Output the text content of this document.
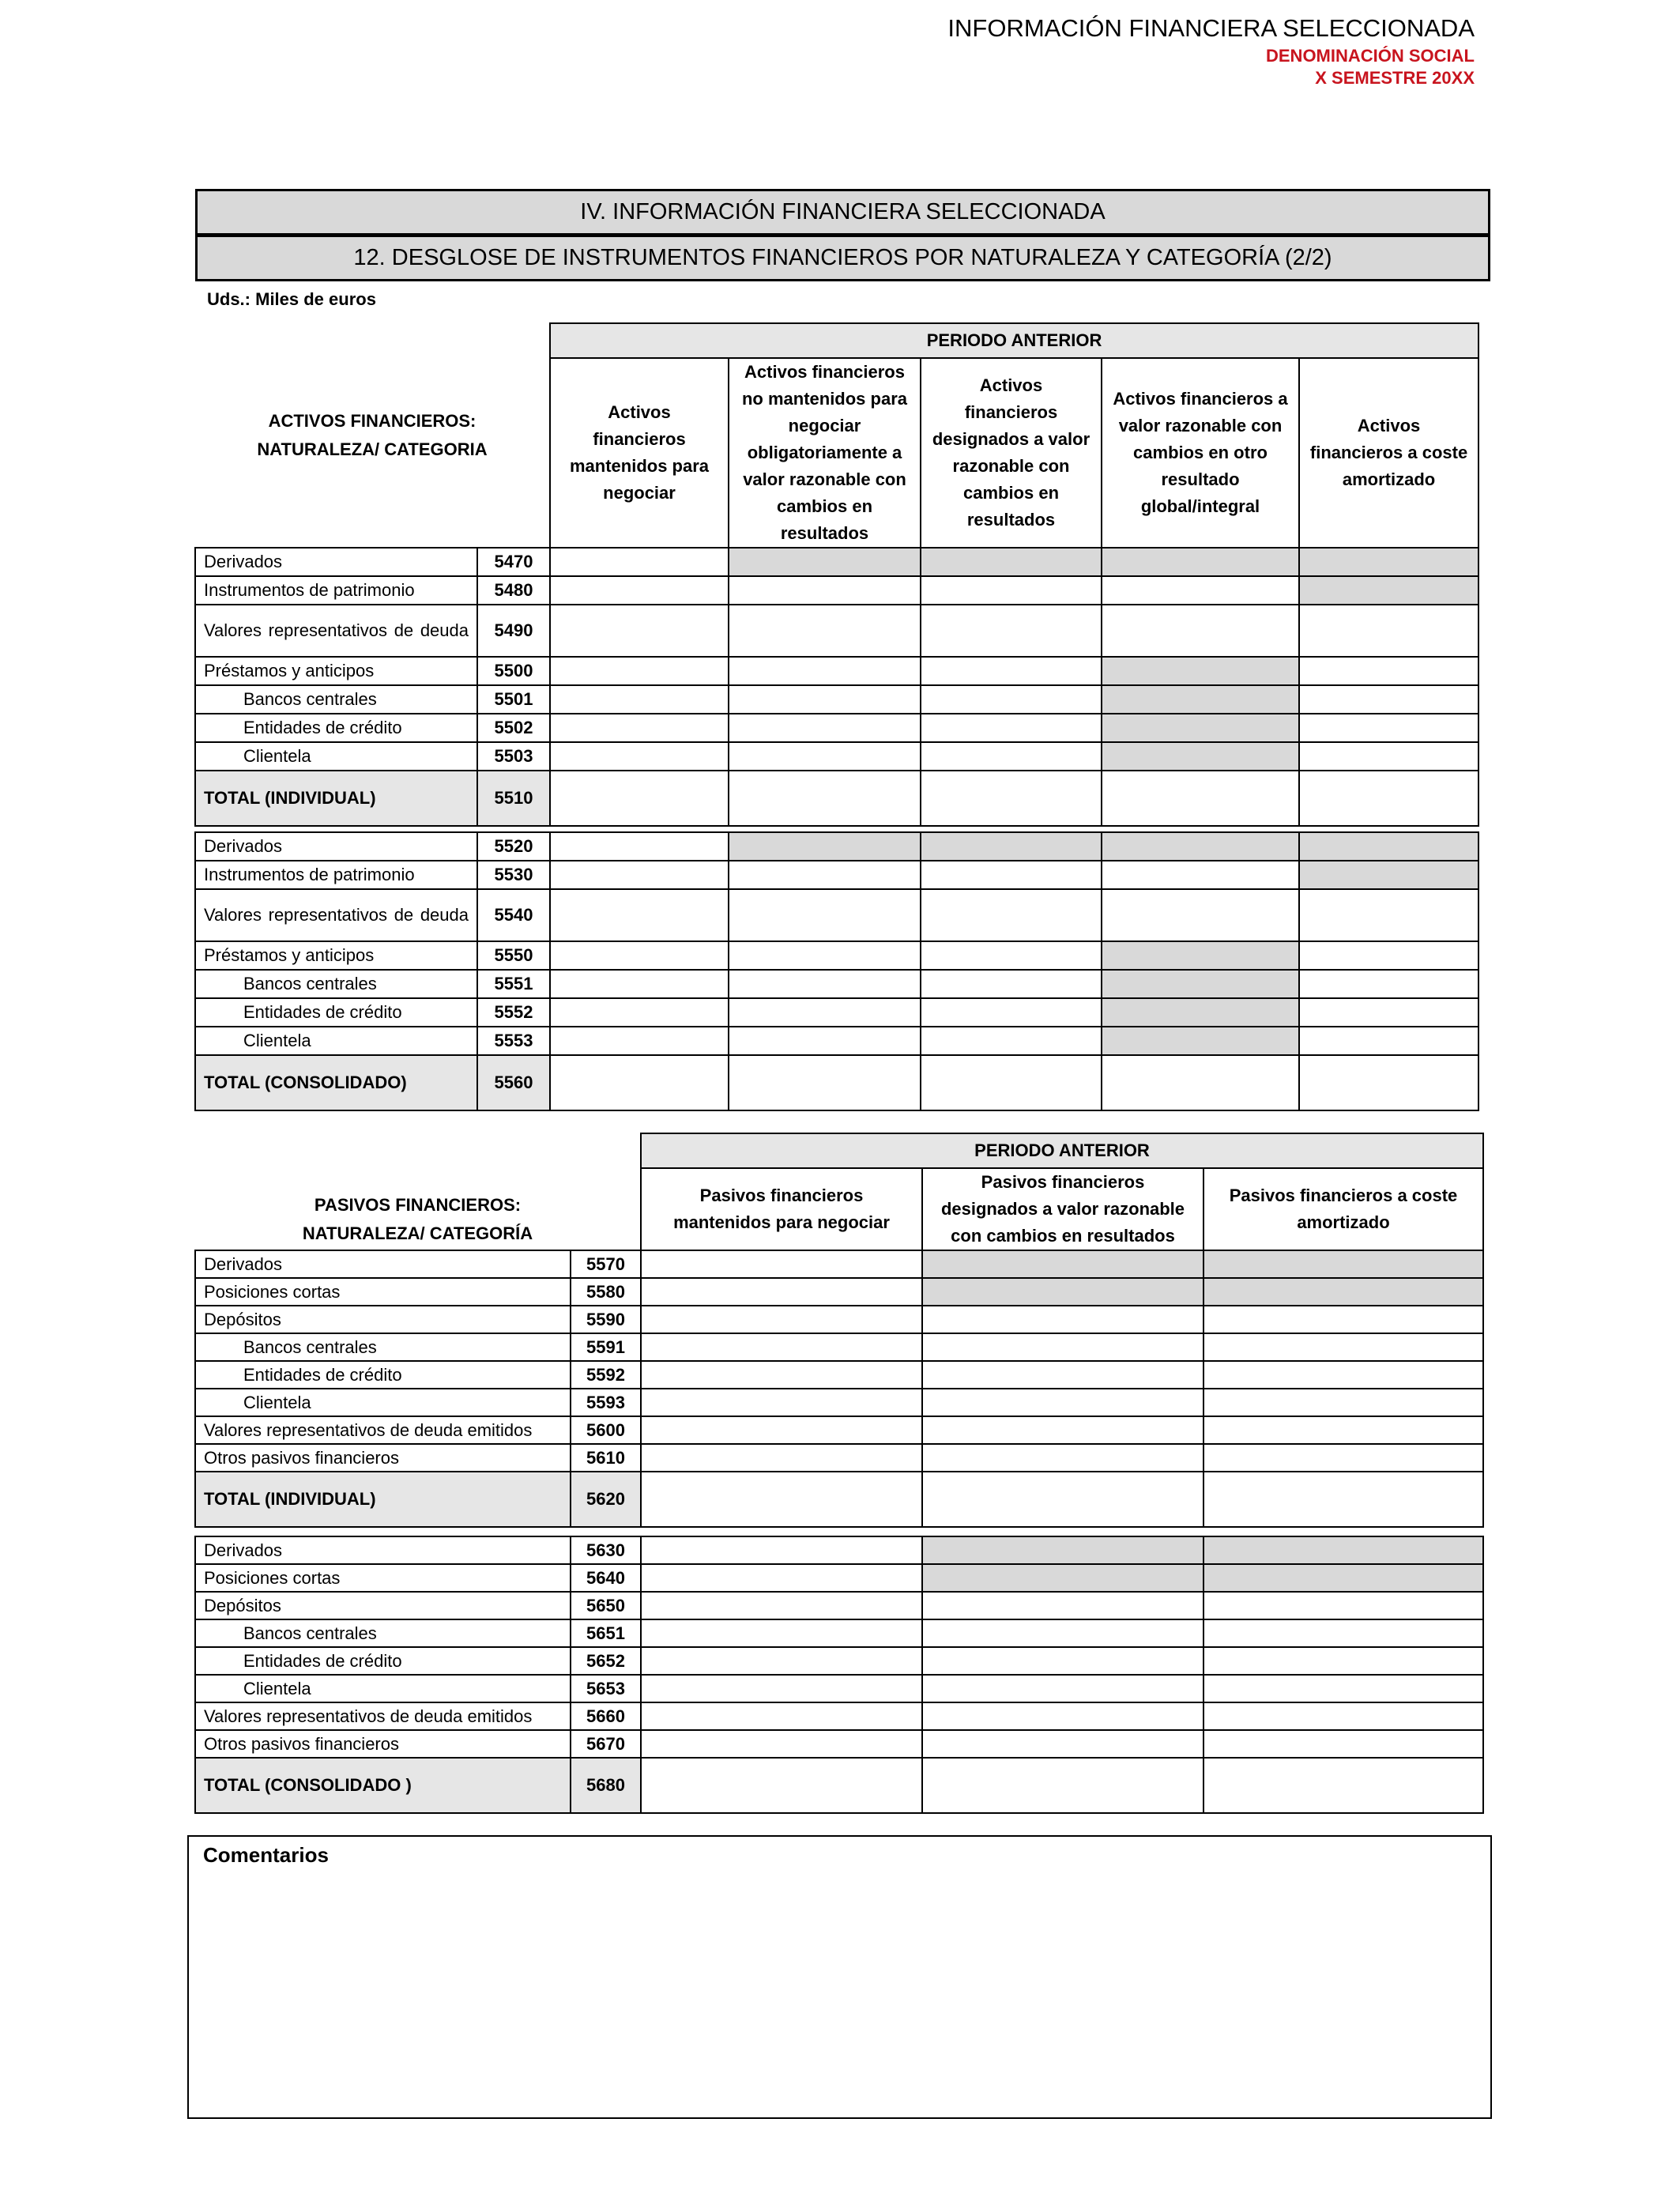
INFORMACIÓN FINANCIERA SELECCIONADA
DENOMINACIÓN SOCIAL
X SEMESTRE 20XX
IV. INFORMACIÓN FINANCIERA SELECCIONADA
12. DESGLOSE DE INSTRUMENTOS FINANCIEROS POR NATURALEZA Y CATEGORÍA (2/2)
Uds.: Miles de euros
ACTIVOS FINANCIEROS:
NATURALEZA/ CATEGORIA		PERIODO ANTERIOR				

		Activos financieros mantenidos para negociar	Activos financieros no mantenidos para negociar obligatoriamente a valor razonable con cambios en resultados	Activos financieros designados a valor razonable con cambios en resultados	Activos financieros a valor razonable con cambios en otro resultado global/integral	Activos financieros a coste amortizado

Derivados	5470					

Instrumentos de patrimonio	5480					

Valores representativos de deuda	5490					

Préstamos y anticipos	5500					

Bancos centrales	5501					

Entidades de crédito	5502					

Clientela	5503					

TOTAL (INDIVIDUAL)	5510					

Derivados	5520					

Instrumentos de patrimonio	5530					

Valores representativos de deuda	5540					

Préstamos y anticipos	5550					

Bancos centrales	5551					

Entidades de crédito	5552					

Clientela	5553					

TOTAL (CONSOLIDADO)	5560					
PASIVOS FINANCIEROS:
NATURALEZA/ CATEGORÍA		PERIODO ANTERIOR		

		Pasivos financieros mantenidos para negociar	Pasivos financieros designados a valor razonable con cambios en resultados	Pasivos financieros a coste amortizado

Derivados	5570			

Posiciones cortas	5580			

Depósitos	5590			

Bancos centrales	5591			

Entidades de crédito	5592			

Clientela	5593			

Valores representativos de deuda emitidos	5600			

Otros pasivos financieros	5610			

TOTAL (INDIVIDUAL)	5620			

Derivados	5630			

Posiciones cortas	5640			

Depósitos	5650			

Bancos centrales	5651			

Entidades de crédito	5652			

Clientela	5653			

Valores representativos de deuda emitidos	5660			

Otros pasivos financieros	5670			

TOTAL (CONSOLIDADO )	5680			
Comentarios
